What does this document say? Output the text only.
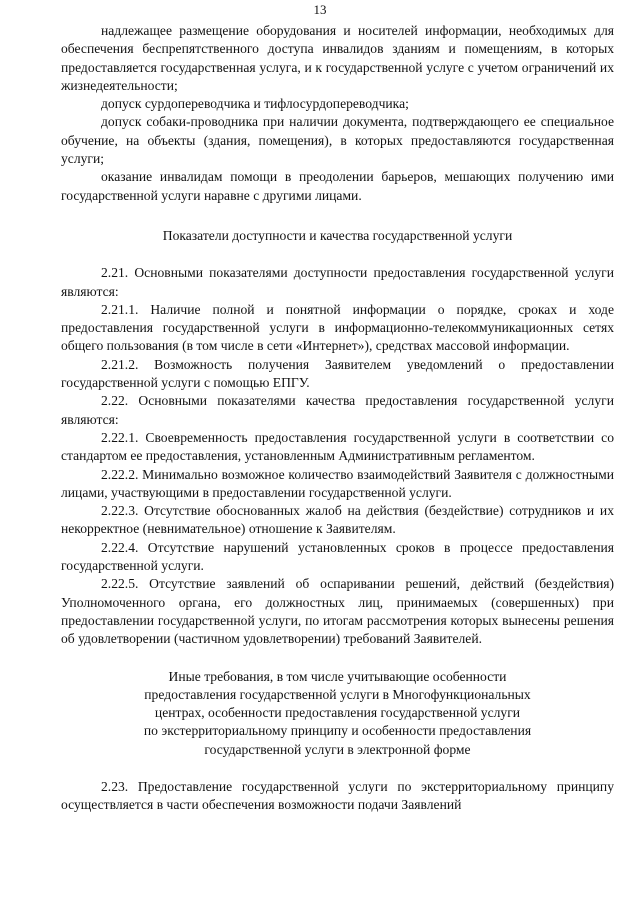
13

надлежащее размещение оборудования и носителей информации, необходимых для обеспечения беспрепятственного доступа инвалидов зданиям и помещениям, в которых предоставляется государственная услуга, и к государственной услуге с учетом ограничений их жизнедеятельности;

допуск сурдопереводчика и тифлосурдопереводчика;

допуск собаки-проводника при наличии документа, подтверждающего ее специальное обучение, на объекты (здания, помещения), в которых предоставляются государственная услуги;

оказание инвалидам помощи в преодолении барьеров, мешающих получению ими государственной услуги наравне с другими лицами.

Показатели доступности и качества государственной услуги

2.21. Основными показателями доступности предоставления государственной услуги являются:

2.21.1. Наличие полной и понятной информации о порядке, сроках и ходе предоставления государственной услуги в информационно-телекоммуникационных сетях общего пользования (в том числе в сети «Интернет»), средствах массовой информации.

2.21.2. Возможность получения Заявителем уведомлений о предоставлении государственной услуги с помощью ЕПГУ.

2.22. Основными показателями качества предоставления государственной услуги являются:

2.22.1. Своевременность предоставления государственной услуги в соответствии со стандартом ее предоставления, установленным Административным регламентом.

2.22.2. Минимально возможное количество взаимодействий Заявителя с должностными лицами, участвующими в предоставлении государственной услуги.

2.22.3. Отсутствие обоснованных жалоб на действия (бездействие) сотрудников и их некорректное (невнимательное) отношение к Заявителям.

2.22.4. Отсутствие нарушений установленных сроков в процессе предоставления государственной услуги.

2.22.5. Отсутствие заявлений об оспаривании решений, действий (бездействия) Уполномоченного органа, его должностных лиц, принимаемых (совершенных) при предоставлении государственной услуги, по итогам рассмотрения которых вынесены решения об удовлетворении (частичном удовлетворении) требований Заявителей.

Иные требования, в том числе учитывающие особенности
предоставления государственной услуги в Многофункциональных
центрах, особенности предоставления государственной услуги
по экстерриториальному принципу и особенности предоставления
государственной услуги в электронной форме

2.23. Предоставление государственной услуги по экстерриториальному принципу осуществляется в части обеспечения возможности подачи Заявлений
